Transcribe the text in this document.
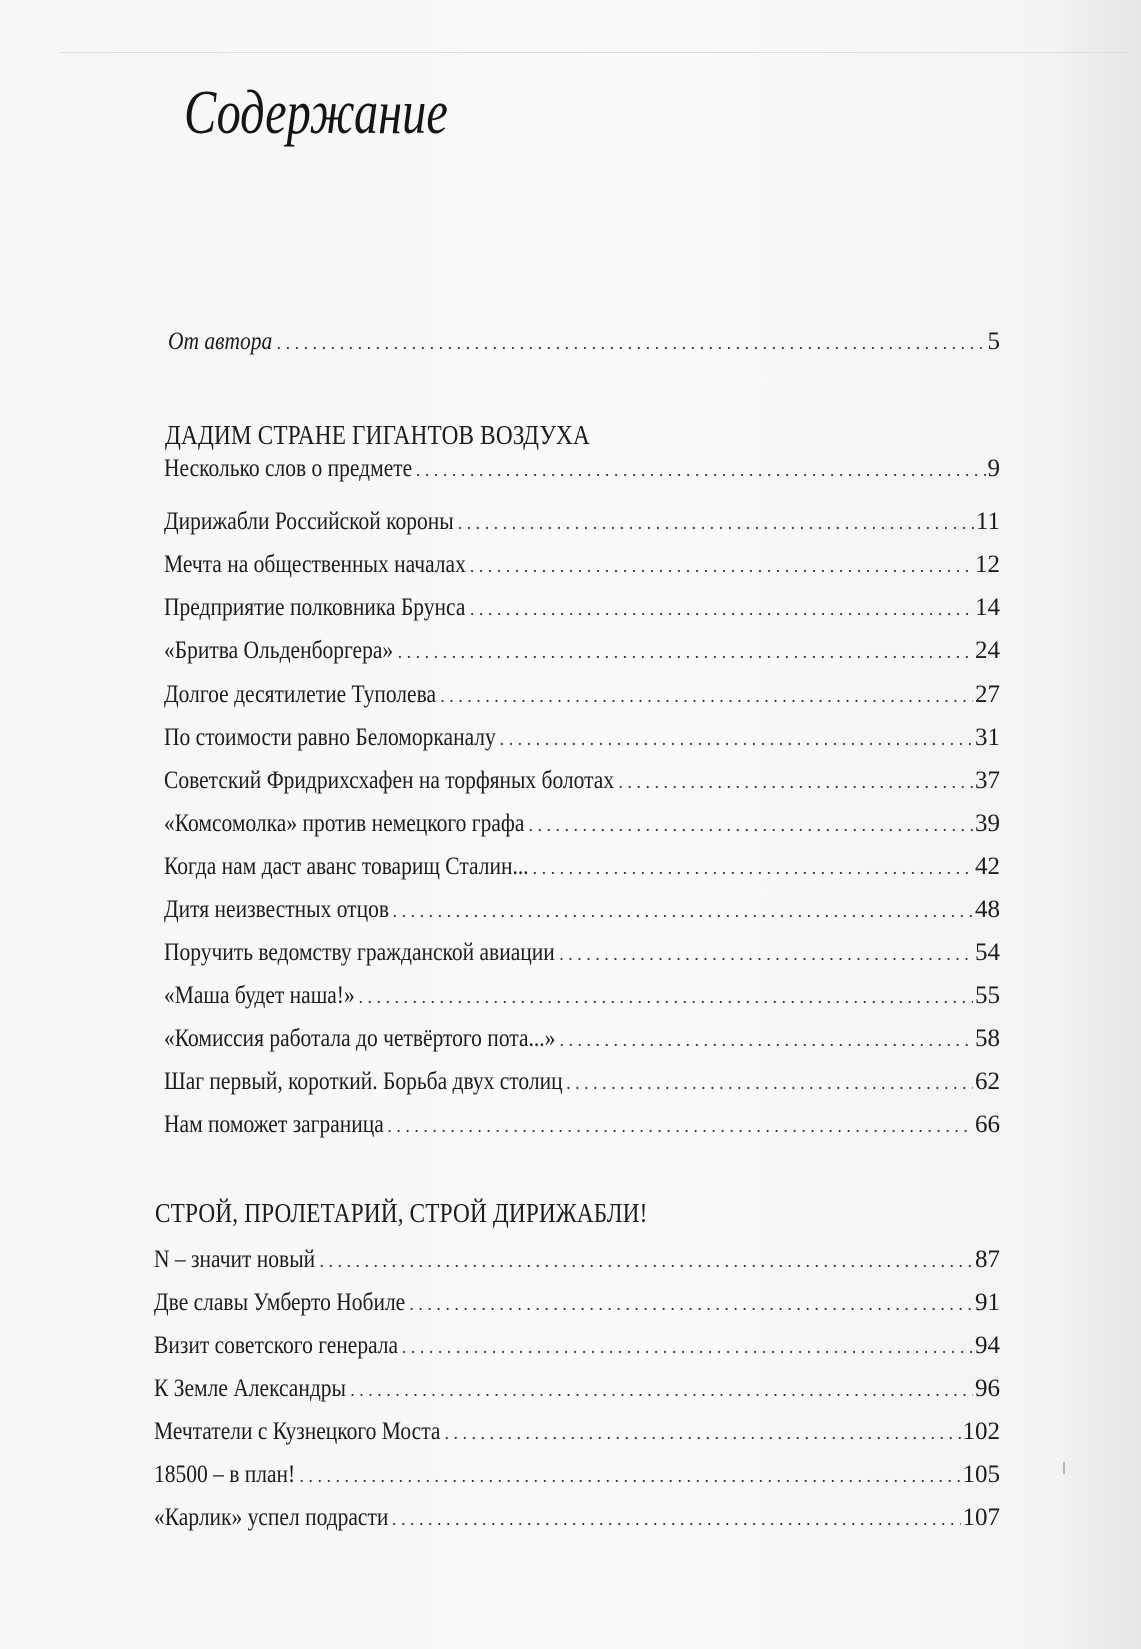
Содержание
От автора . . .	5
ДАДИМ СТРАНЕ ГИГАНТОВ ВОЗДУХА
Несколько слов о предмете . . .	9
Дирижабли Российской короны . . .	11
Мечта на общественных началах . . .	12
Предприятие полковника Брунса . . .	14
«Бритва Ольденборгера» . . .	24
Долгое десятилетие Туполева . . .	27
По стоимости равно Беломорканалу . . .	31
Советский Фридрихсхафен на торфяных болотах . . .	37
«Комсомолка» против немецкого графа . . .	39
Когда нам даст аванс товарищ Сталин... . . .	42
Дитя неизвестных отцов . . .	48
Поручить ведомству гражданской авиации . . .	54
«Маша будет наша!» . . .	55
«Комиссия работала до четвёртого пота...» . . .	58
Шаг первый, короткий. Борьба двух столиц . . .	62
Нам поможет заграница . . .	66
СТРОЙ, ПРОЛЕТАРИЙ, СТРОЙ ДИРИЖАБЛИ!
N – значит новый . . .	87
Две славы Умберто Нобиле . . .	91
Визит советского генерала . . .	94
К Земле Александры . . .	96
Мечтатели с Кузнецкого Моста . . .	102
18500 – в план! . . .	105
«Карлик» успел подрасти . . .	107
